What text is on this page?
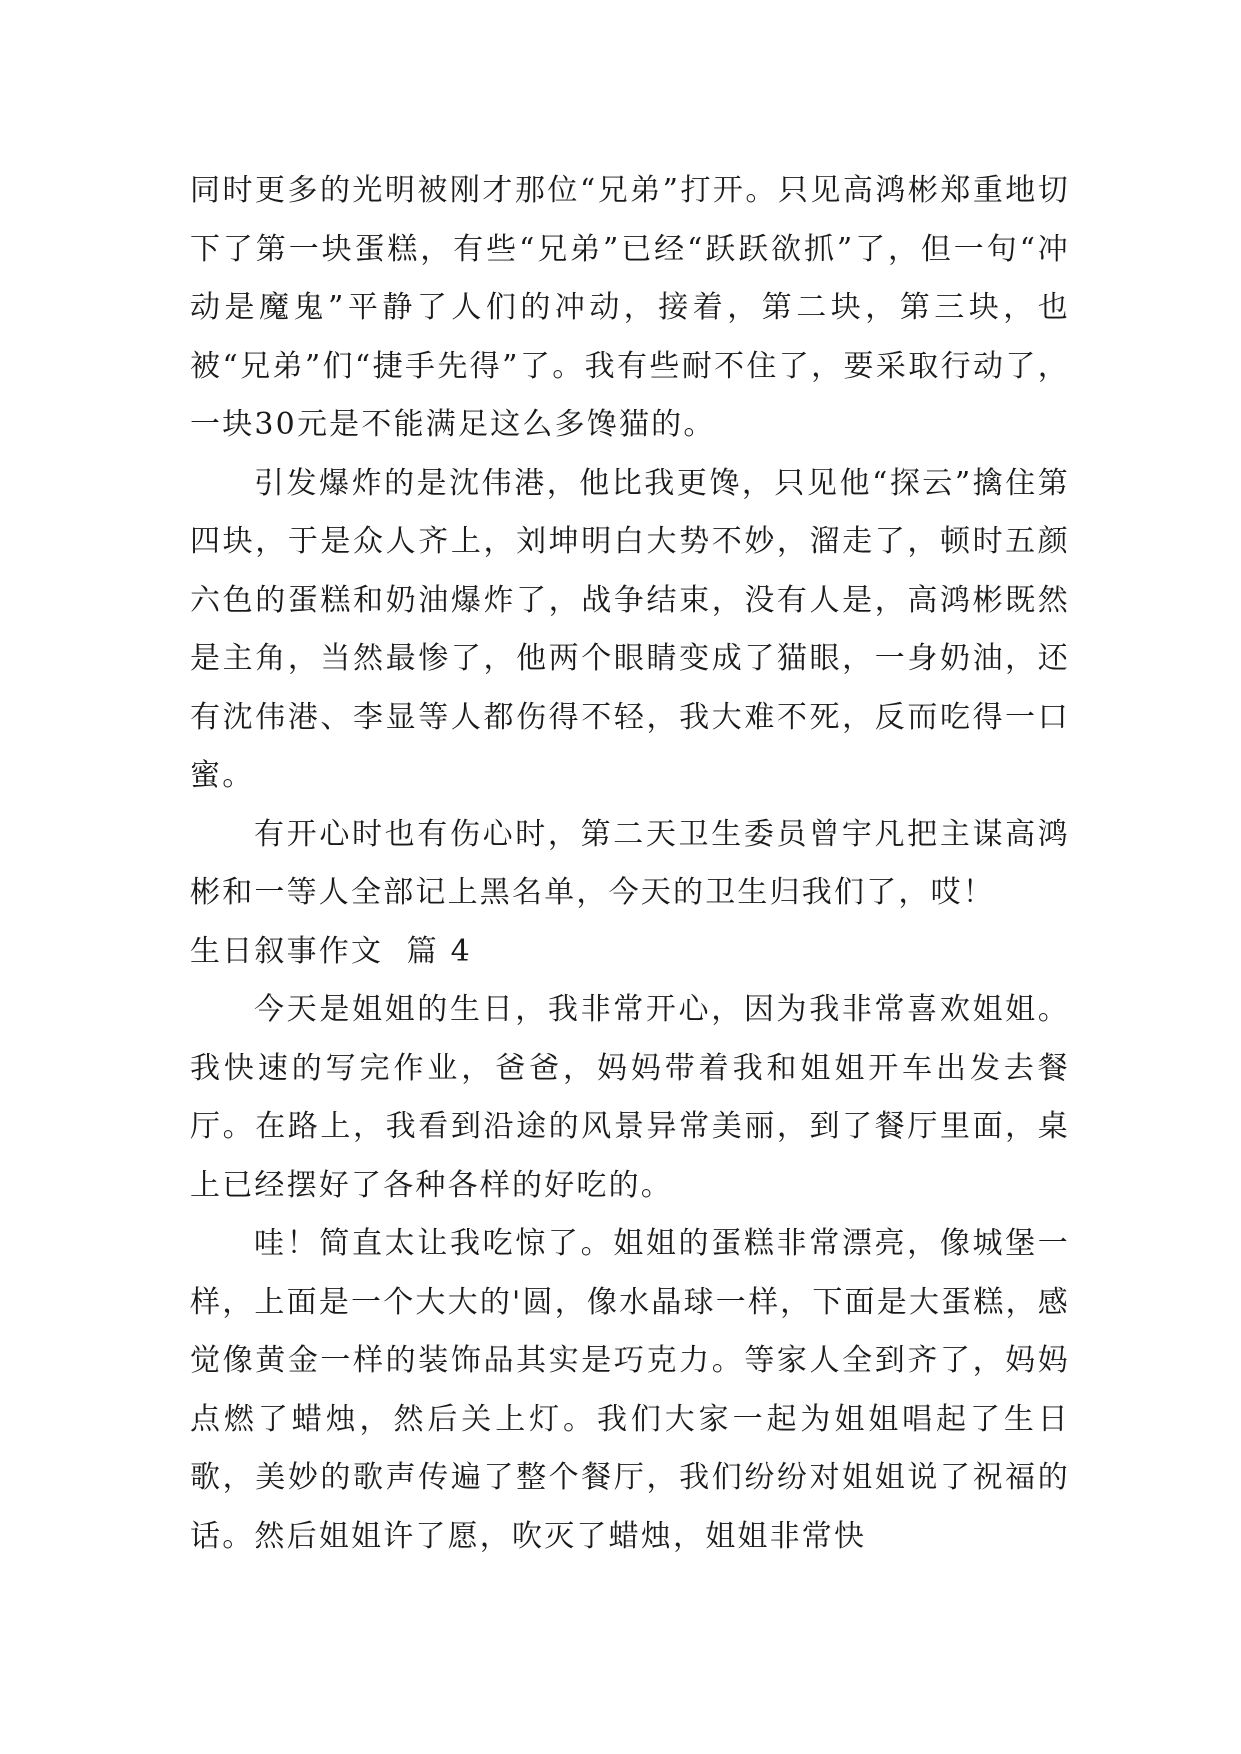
同时更多的光明被刚才那位“兄弟”打开。只见高鸿彬郑重地切下了第一块蛋糕，有些“兄弟”已经“跃跃欲抓”了，但一句“冲动是魔鬼”平静了人们的冲动，接着，第二块，第三块，也被“兄弟”们“捷手先得”了。我有些耐不住了，要采取行动了，一块30元是不能满足这么多馋猫的。

引发爆炸的是沈伟港，他比我更馋，只见他“探云”擒住第四块，于是众人齐上，刘坤明白大势不妙，溜走了，顿时五颜六色的蛋糕和奶油爆炸了，战争结束，没有人是，高鸿彬既然是主角，当然最惨了，他两个眼睛变成了猫眼，一身奶油，还有沈伟港、李显等人都伤得不轻，我大难不死，反而吃得一口蜜。

有开心时也有伤心时，第二天卫生委员曾宇凡把主谋高鸿彬和一等人全部记上黑名单，今天的卫生归我们了，哎！

生日叙事作文  篇 4

今天是姐姐的生日，我非常开心，因为我非常喜欢姐姐。我快速的写完作业，爸爸，妈妈带着我和姐姐开车出发去餐厅。在路上，我看到沿途的风景异常美丽，到了餐厅里面，桌上已经摆好了各种各样的好吃的。

哇！简直太让我吃惊了。姐姐的蛋糕非常漂亮，像城堡一样，上面是一个大大的'圆，像水晶球一样，下面是大蛋糕，感觉像黄金一样的装饰品其实是巧克力。等家人全到齐了，妈妈点燃了蜡烛，然后关上灯。我们大家一起为姐姐唱起了生日歌，美妙的歌声传遍了整个餐厅，我们纷纷对姐姐说了祝福的话。然后姐姐许了愿，吹灭了蜡烛，姐姐非常快
